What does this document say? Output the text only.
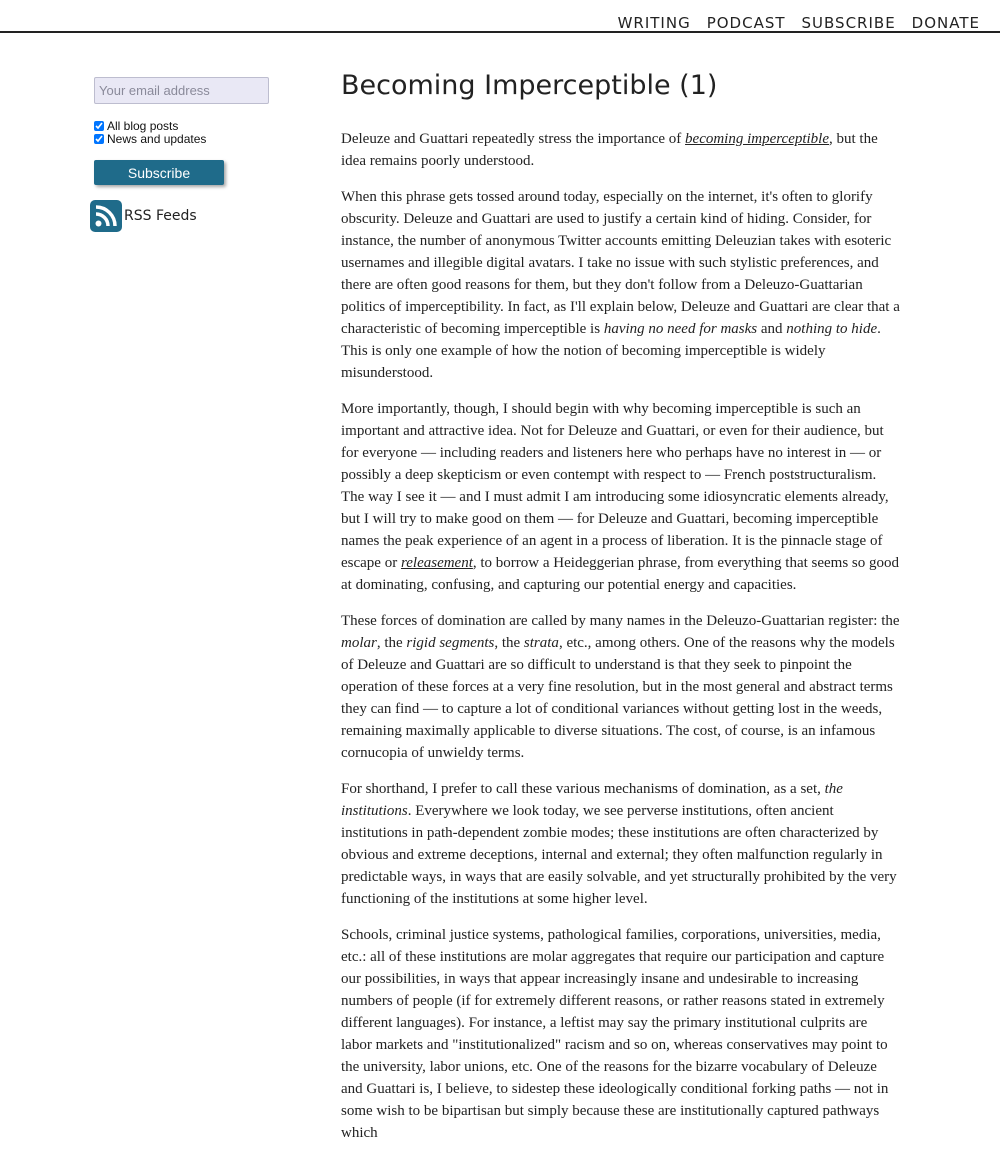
WRITING PODCAST SUBSCRIBE DONATE
Your email address
All blog posts
News and updates
Subscribe
RSS Feeds
Becoming Imperceptible (1)

Deleuze and Guattari repeatedly stress the importance of becoming imperceptible, but the idea remains poorly understood.

When this phrase gets tossed around today, especially on the internet, it's often to glorify obscurity. Deleuze and Guattari are used to justify a certain kind of hiding. Consider, for instance, the number of anonymous Twitter accounts emitting Deleuzian takes with esoteric usernames and illegible digital avatars. I take no issue with such stylistic preferences, and there are often good reasons for them, but they don't follow from a Deleuzo-Guattarian politics of imperceptibility. In fact, as I'll explain below, Deleuze and Guattari are clear that a characteristic of becoming imperceptible is having no need for masks and nothing to hide. This is only one example of how the notion of becoming imperceptible is widely misunderstood.

More importantly, though, I should begin with why becoming imperceptible is such an important and attractive idea. Not for Deleuze and Guattari, or even for their audience, but for everyone — including readers and listeners here who perhaps have no interest in — or possibly a deep skepticism or even contempt with respect to — French poststructuralism. The way I see it — and I must admit I am introducing some idiosyncratic elements already, but I will try to make good on them — for Deleuze and Guattari, becoming imperceptible names the peak experience of an agent in a process of liberation. It is the pinnacle stage of escape or releasement, to borrow a Heideggerian phrase, from everything that seems so good at dominating, confusing, and capturing our potential energy and capacities.

These forces of domination are called by many names in the Deleuzo-Guattarian register: the molar, the rigid segments, the strata, etc., among others. One of the reasons why the models of Deleuze and Guattari are so difficult to understand is that they seek to pinpoint the operation of these forces at a very fine resolution, but in the most general and abstract terms they can find — to capture a lot of conditional variances without getting lost in the weeds, remaining maximally applicable to diverse situations. The cost, of course, is an infamous cornucopia of unwieldy terms.

For shorthand, I prefer to call these various mechanisms of domination, as a set, the institutions. Everywhere we look today, we see perverse institutions, often ancient institutions in path-dependent zombie modes; these institutions are often characterized by obvious and extreme deceptions, internal and external; they often malfunction regularly in predictable ways, in ways that are easily solvable, and yet structurally prohibited by the very functioning of the institutions at some higher level.

Schools, criminal justice systems, pathological families, corporations, universities, media, etc.: all of these institutions are molar aggregates that require our participation and capture our possibilities, in ways that appear increasingly insane and undesirable to increasing numbers of people (if for extremely different reasons, or rather reasons stated in extremely different languages). For instance, a leftist may say the primary institutional culprits are labor markets and "institutionalized" racism and so on, whereas conservatives may point to the university, labor unions, etc. One of the reasons for the bizarre vocabulary of Deleuze and Guattari is, I believe, to sidestep these ideologically conditional forking paths — not in some wish to be bipartisan but simply because these are institutionally captured pathways which
